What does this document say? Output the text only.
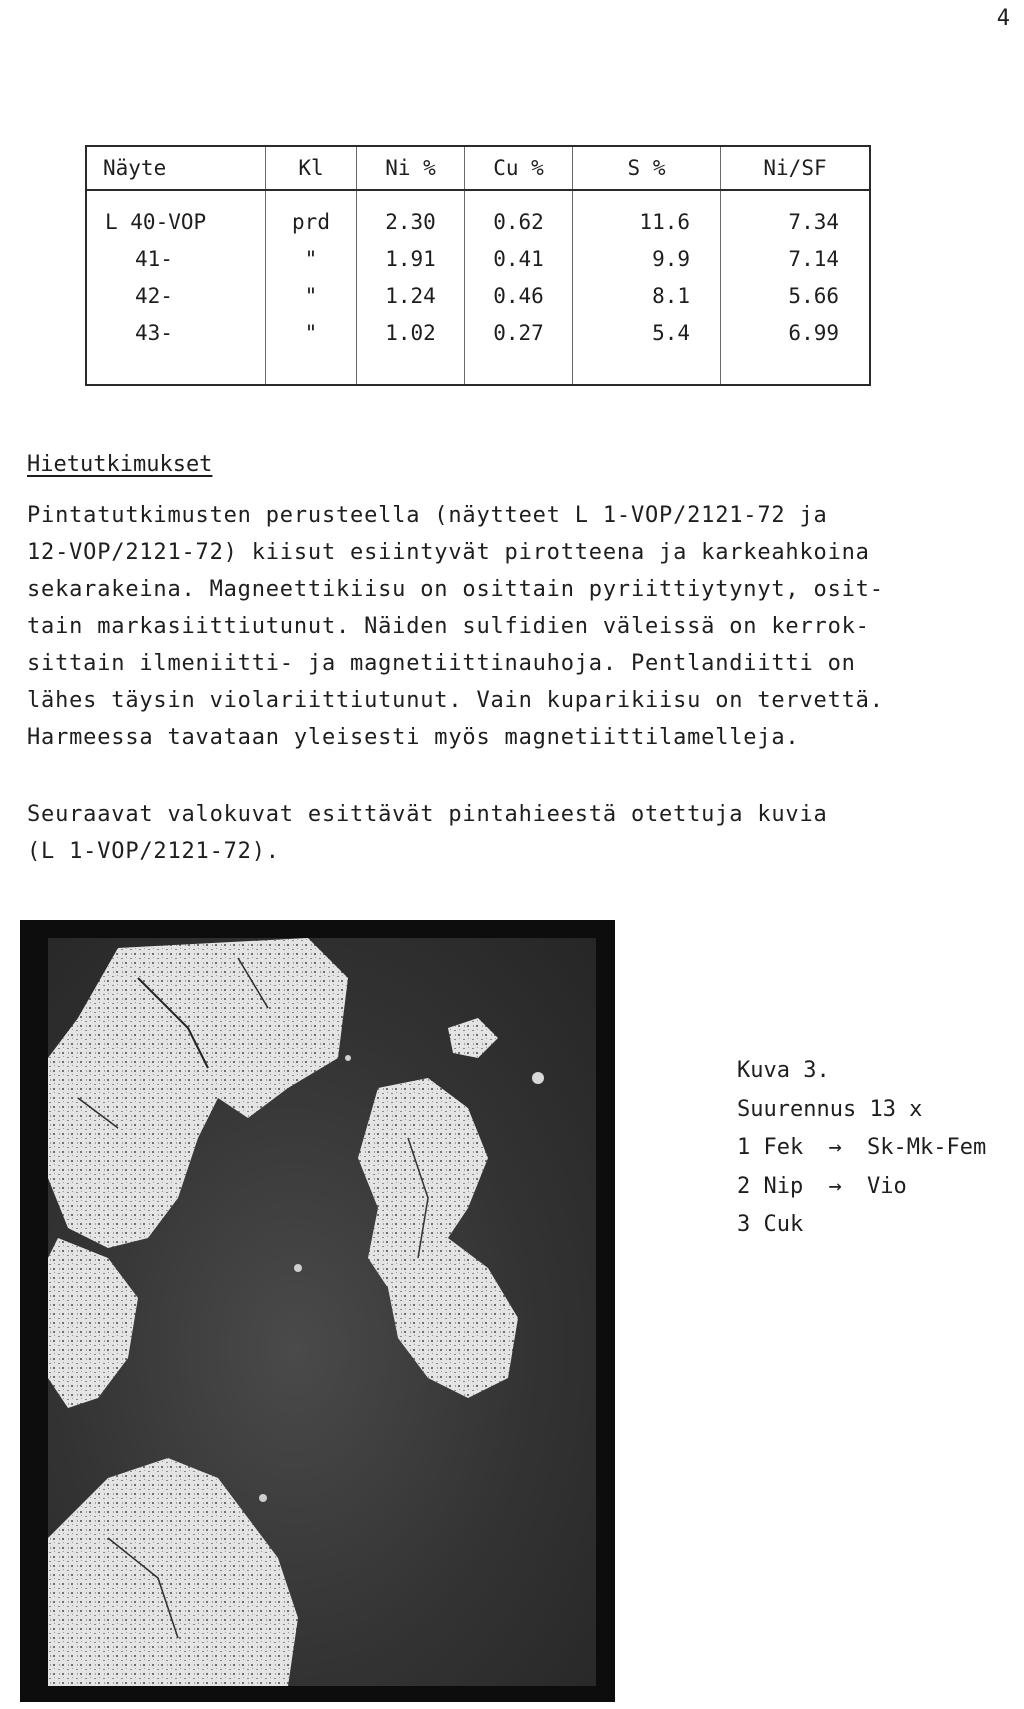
4
Näyte	Kl	Ni %	Cu %	S %	Ni/SF
L 40-VOP	prd	2.30	0.62	11.6	7.34
41-	"	1.91	0.41	9.9	7.14
42-	"	1.24	0.46	8.1	5.66
43-	"	1.02	0.27	5.4	6.99

Hietutkimukset
Pintatutkimusten perusteella (näytteet L 1-VOP/2121-72 ja
12-VOP/2121-72) kiisut esiintyvät pirotteena ja karkeahkoina
sekarakeina. Magneettikiisu on osittain pyriittiytynyt, osit-
tain markasiittiutunut. Näiden sulfidien väleissä on kerrok-
sittain ilmeniitti- ja magnetiittinauhoja. Pentlandiitti on
lähes täysin violariittiutunut. Vain kuparikiisu on tervettä.
Harmeessa tavataan yleisesti myös magnetiittilamelleja.
Seuraavat valokuvat esittävät pintahieestä otettuja kuvia
(L 1-VOP/2121-72).
Kuva 3.
Suurennus 13 x
1 Fek → Sk-Mk-Fem
2 Nip → Vio
3 Cuk
